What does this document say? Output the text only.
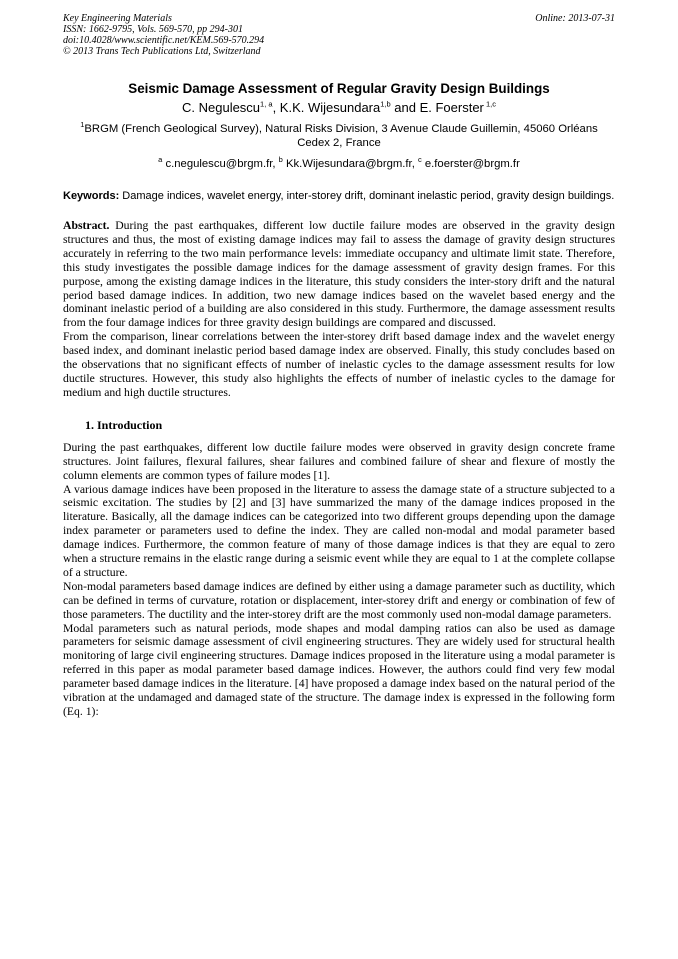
Key Engineering Materials	Online: 2013-07-31
ISSN: 1662-9795, Vols. 569-570, pp 294-301
doi:10.4028/www.scientific.net/KEM.569-570.294
© 2013 Trans Tech Publications Ltd, Switzerland
Seismic Damage Assessment of Regular Gravity Design Buildings
C. Negulescu$^{1, a}$, K.K. Wijesundara$^{1,b}$ and E. Foerster $^{1,c}$
$^1$BRGM (French Geological Survey), Natural Risks Division, 3 Avenue Claude Guillemin, 45060 Orléans Cedex 2, France
$^a$ c.negulescu@brgm.fr, $^b$ Kk.Wijesundara@brgm.fr, $^c$ e.foerster@brgm.fr
Keywords: Damage indices, wavelet energy, inter-storey drift, dominant inelastic period, gravity design buildings.

Abstract. During the past earthquakes, different low ductile failure modes are observed in the gravity design structures and thus, the most of existing damage indices may fail to assess the damage of gravity design structures accurately in referring to the two main performance levels: immediate occupancy and ultimate limit state. Therefore, this study investigates the possible damage indices for the damage assessment of gravity design frames. For this purpose, among the existing damage indices in the literature, this study considers the inter-story drift and the natural period based damage indices. In addition, two new damage indices based on the wavelet based energy and the dominant inelastic period of a building are also considered in this study. Furthermore, the damage assessment results from the four damage indices for three gravity design buildings are compared and discussed.

From the comparison, linear correlations between the inter-storey drift based damage index and the wavelet energy based index, and dominant inelastic period based damage index are observed. Finally, this study concludes based on the observations that no significant effects of number of inelastic cycles to the damage assessment results for low ductile structures. However, this study also highlights the effects of number of inelastic cycles to the damage for medium and high ductile structures.

1. Introduction

During the past earthquakes, different low ductile failure modes were observed in gravity design concrete frame structures. Joint failures, flexural failures, shear failures and combined failure of shear and flexure of mostly the column elements are common types of failure modes [1].

A various damage indices have been proposed in the literature to assess the damage state of a structure subjected to a seismic excitation. The studies by [2] and [3] have summarized the many of the damage indices proposed in the literature. Basically, all the damage indices can be categorized into two different groups depending upon the damage index parameter or parameters used to define the index. They are called non-modal and modal parameter based damage indices. Furthermore, the common feature of many of those damage indices is that they are equal to zero when a structure remains in the elastic range during a seismic event while they are equal to 1 at the complete collapse of a structure.

Non-modal parameters based damage indices are defined by either using a damage parameter such as ductility, which can be defined in terms of curvature, rotation or displacement, inter-storey drift and energy or combination of few of those parameters. The ductility and the inter-storey drift are the most commonly used non-modal damage parameters.

Modal parameters such as natural periods, mode shapes and modal damping ratios can also be used as damage parameters for seismic damage assessment of civil engineering structures. They are widely used for structural health monitoring of large civil engineering structures. Damage indices proposed in the literature using a modal parameter is referred in this paper as modal parameter based damage indices. However, the authors could find very few modal parameter based damage indices in the literature. [4] have proposed a damage index based on the natural period of the vibration at the undamaged and damaged state of the structure. The damage index is expressed in the following form (Eq. 1):
